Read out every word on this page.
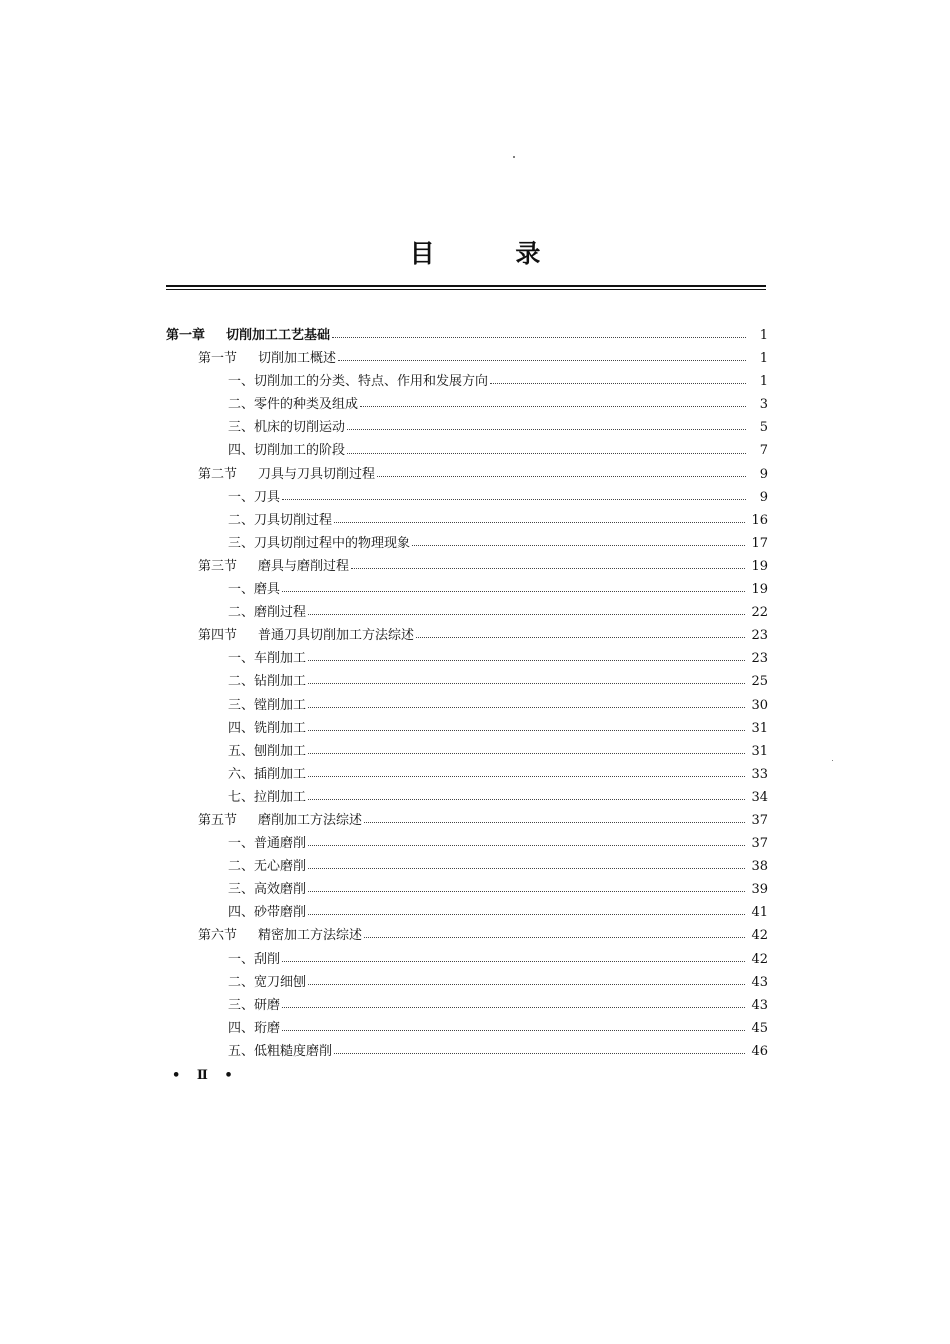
目 录
第一章	切削加工工艺基础	1
第一节	切削加工概述	1
一、切削加工的分类、特点、作用和发展方向	1
二、零件的种类及组成	3
三、机床的切削运动	5
四、切削加工的阶段	7
第二节	刀具与刀具切削过程	9
一、刀具	9
二、刀具切削过程	16
三、刀具切削过程中的物理现象	17
第三节	磨具与磨削过程	19
一、磨具	19
二、磨削过程	22
第四节	普通刀具切削加工方法综述	23
一、车削加工	23
二、钻削加工	25
三、镗削加工	30
四、铣削加工	31
五、刨削加工	31
六、插削加工	33
七、拉削加工	34
第五节	磨削加工方法综述	37
一、普通磨削	37
二、无心磨削	38
三、高效磨削	39
四、砂带磨削	41
第六节	精密加工方法综述	42
一、刮削	42
二、宽刀细刨	43
三、研磨	43
四、珩磨	45
五、低粗糙度磨削	46
• Ⅱ •
